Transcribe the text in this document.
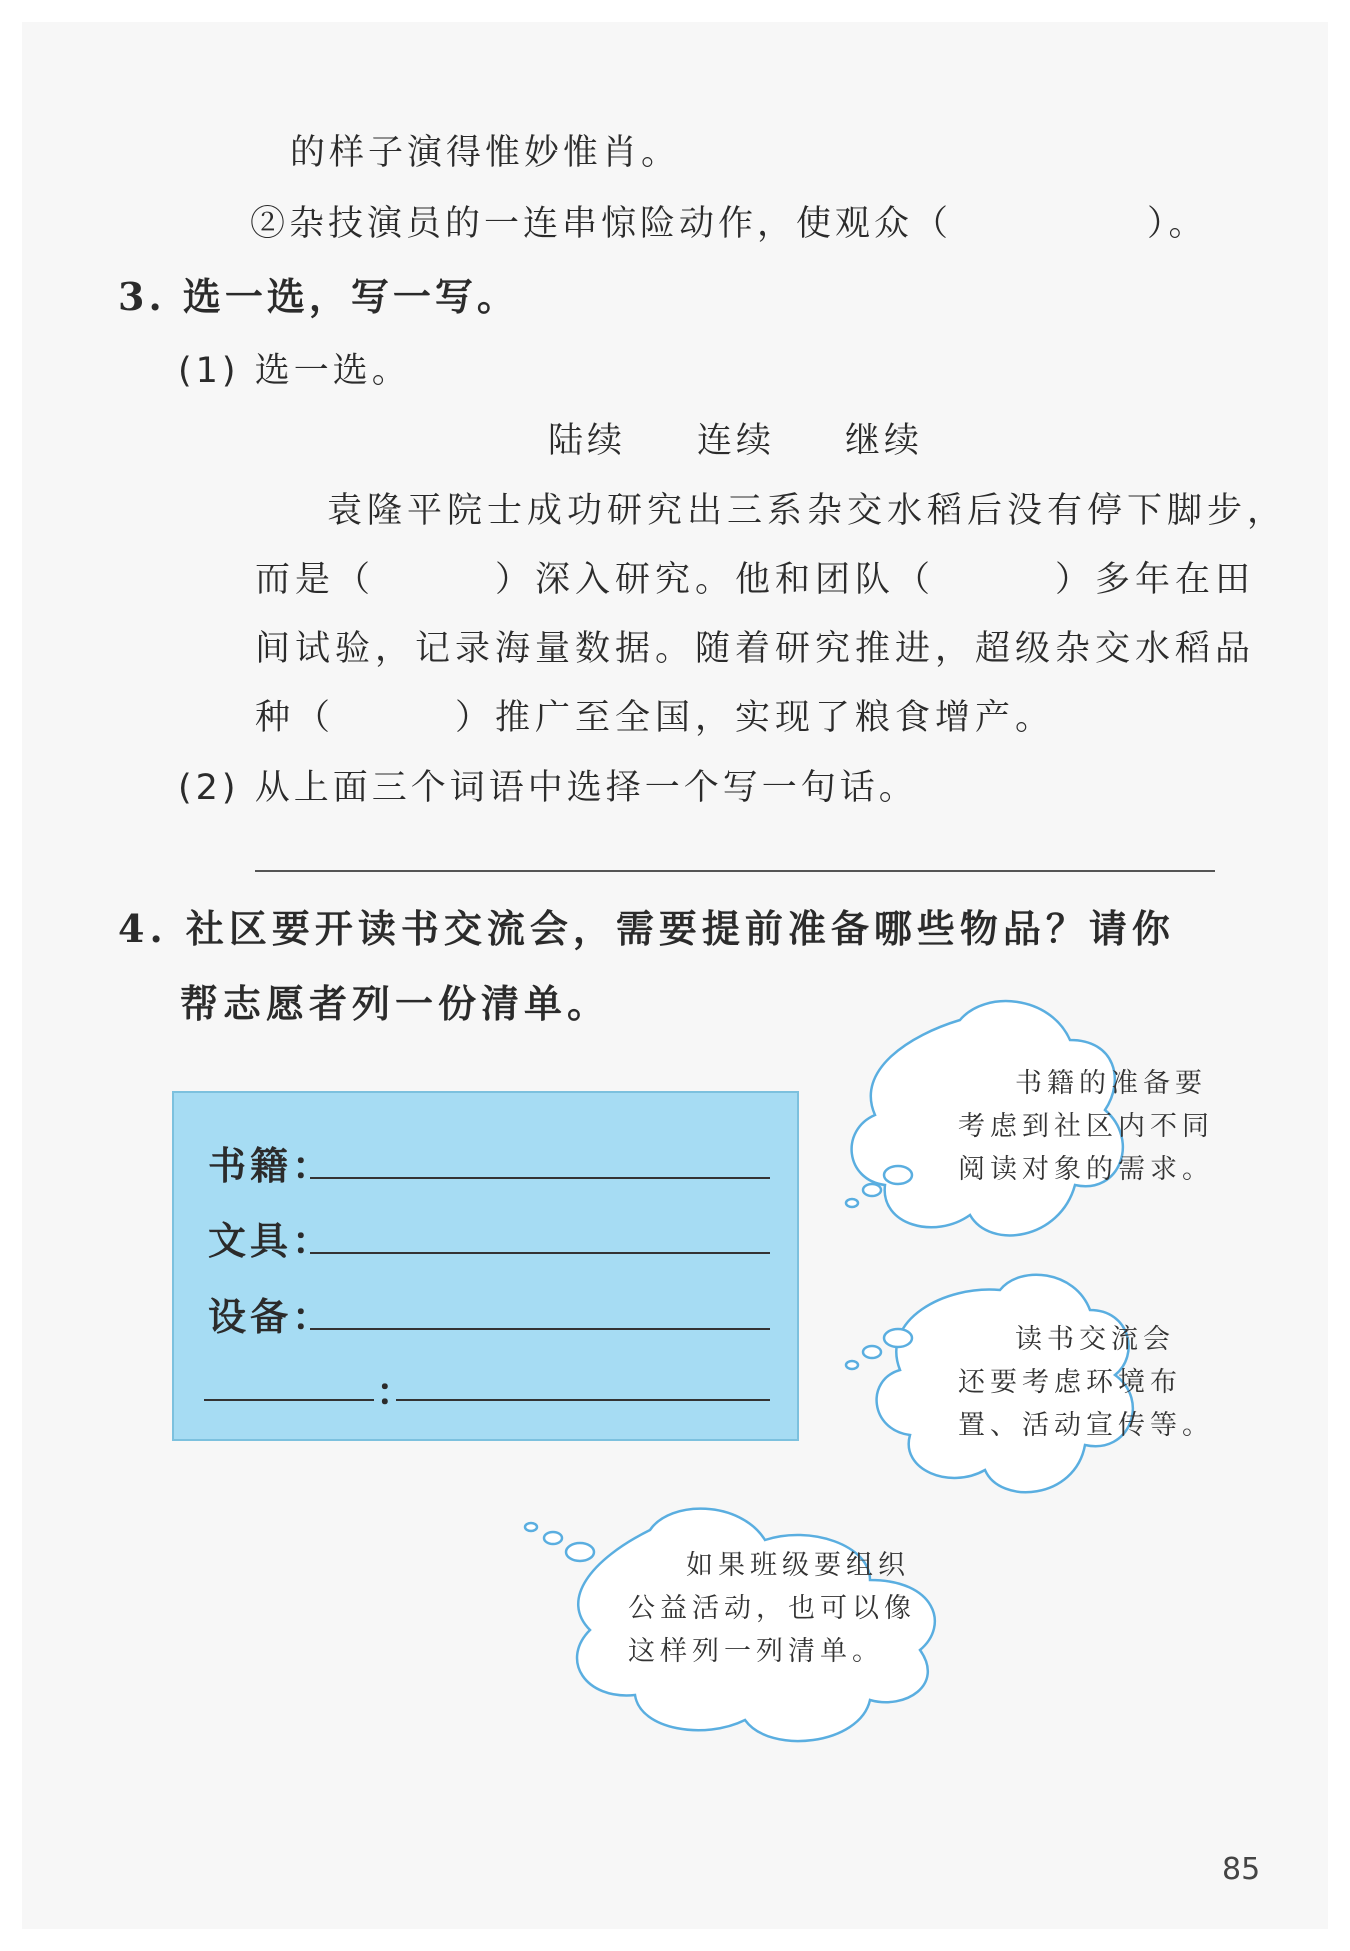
的样子演得惟妙惟肖。
②杂技演员的一连串惊险动作，使观众（　　　　　）。
3. 选一选，写一写。
(1) 选一选。
陆续 连续 继续
袁隆平院士成功研究出三系杂交水稻后没有停下脚步，
而是（　　　）深入研究。他和团队（　　　）多年在田
间试验，记录海量数据。随着研究推进，超级杂交水稻品
种（　　　）推广至全国，实现了粮食增产。
(2) 从上面三个词语中选择一个写一句话。
4. 社区要开读书交流会，需要提前准备哪些物品？请你
帮志愿者列一份清单。
书籍：
文具：
设备：
：
书籍的准备要
考虑到社区内不同
阅读对象的需求。
读书交流会
还要考虑环境布
置、活动宣传等。
如果班级要组织
公益活动，也可以像
这样列一列清单。
85
